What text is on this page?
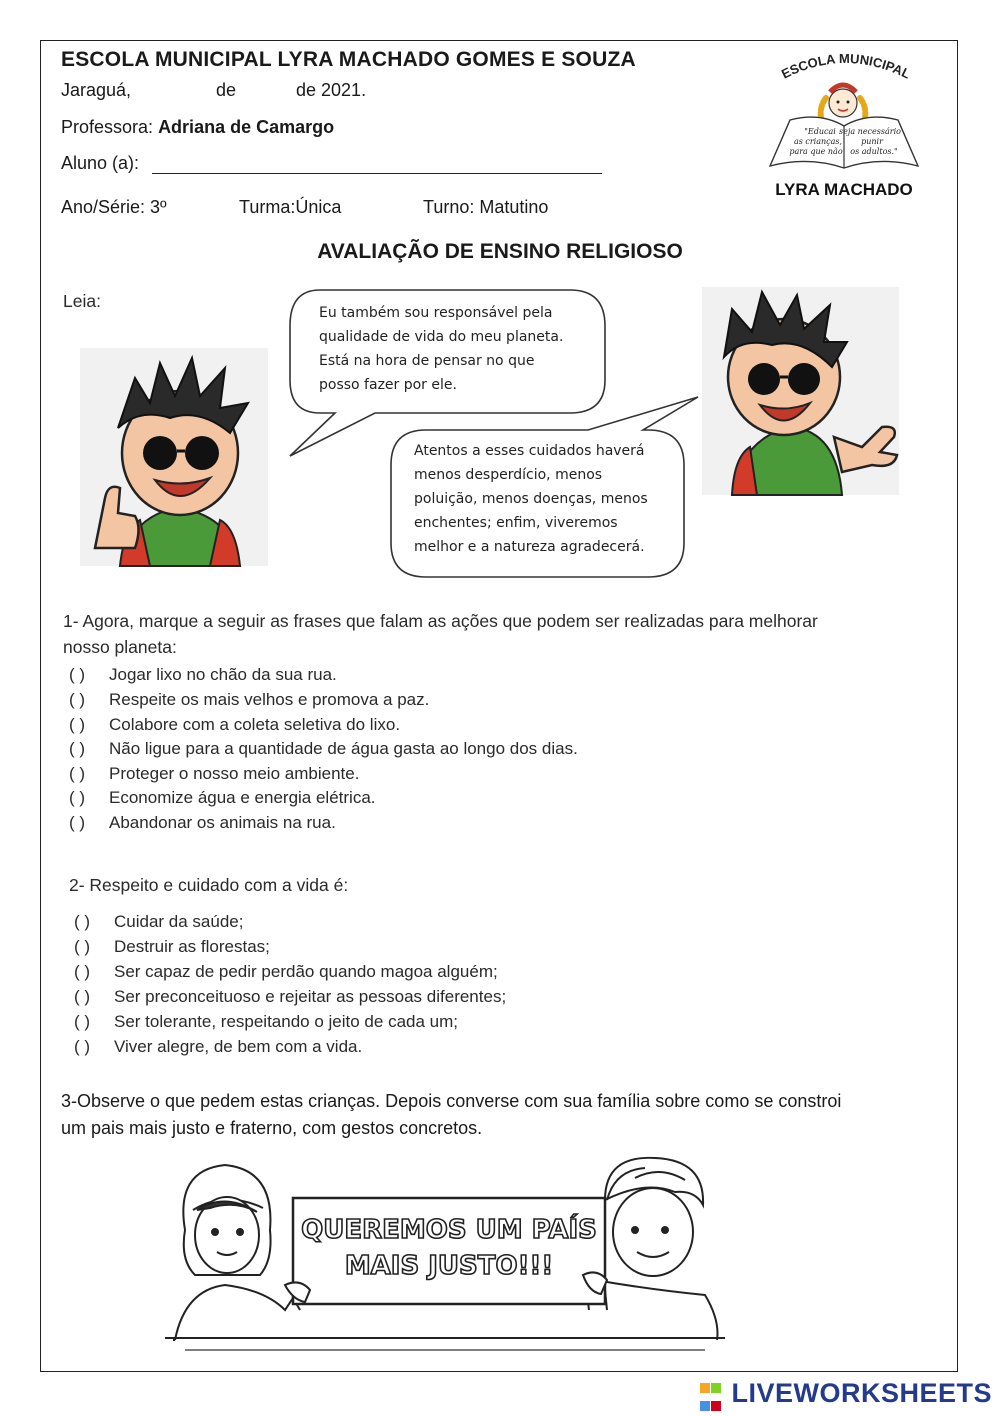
ESCOLA MUNICIPAL LYRA MACHADO GOMES E SOUZA
Jaraguá,	de	de 2021.
Professora: Adriana de Camargo
Aluno (a):
Ano/Série: 3º	Turma:Única	Turno: Matutino
ESCOLA MUNICIPAL
"Educai
as crianças,
para que não
seja necessário
punir
os adultos."
LYRA MACHADO
AVALIAÇÃO DE ENSINO RELIGIOSO
Leia:
Eu também sou responsável pela
qualidade de vida do meu planeta.
Está na hora de pensar no que
posso fazer por ele.
Atentos a esses cuidados haverá
menos desperdício, menos
poluição, menos doenças, menos
enchentes; enfim, viveremos
melhor e a natureza agradecerá.
1- Agora, marque a seguir as frases que falam as ações que podem ser realizadas para melhorar
nosso planeta:
( ) Jogar lixo no chão da sua rua.
( ) Respeite os mais velhos e promova a paz.
( ) Colabore com a coleta seletiva do lixo.
( ) Não ligue para a quantidade de água gasta ao longo dos dias.
( ) Proteger o nosso meio ambiente.
( ) Economize água e energia elétrica.
( ) Abandonar os animais na rua.
2- Respeito e cuidado com a vida é:
( ) Cuidar da saúde;
( ) Destruir as florestas;
( ) Ser capaz de pedir perdão quando magoa alguém;
( ) Ser preconceituoso e rejeitar as pessoas diferentes;
( ) Ser tolerante, respeitando o jeito de cada um;
( ) Viver alegre, de bem com a vida.
3-Observe o que pedem estas crianças. Depois converse com sua família sobre como se constroi
um pais mais justo e fraterno, com gestos concretos.
QUEREMOS UM PAÍS
MAIS JUSTO!!!

LIVEWORKSHEETS
